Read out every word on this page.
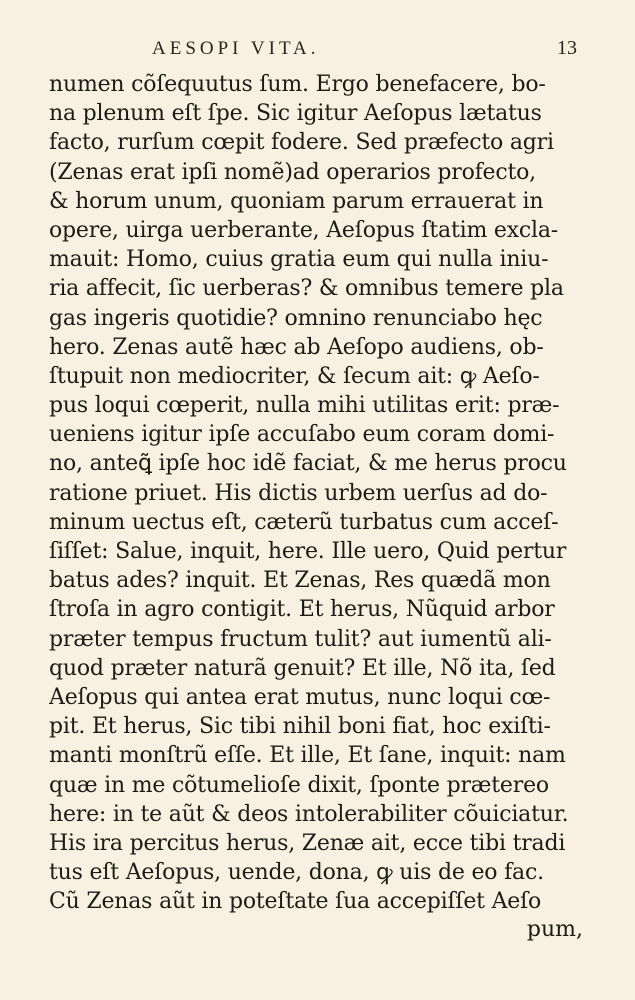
AESOPI VITA.	13
numen cõſequutus ſum. Ergo benefacere, bo-
na plenum eſt ſpe. Sic igitur Aeſopus lætatus
facto, rurſum cœpit fodere. Sed præfecto agri
(Zenas erat ipſi nomẽ)ad operarios profecto,
& horum unum, quoniam parum errauerat in
opere, uirga uerberante, Aeſopus ſtatim excla-
mauit: Homo, cuius gratia eum qui nulla iniu-
ria affecit, ſic uerberas? & omnibus temere pla
gas ingeris quotidie? omnino renunciabo hęc
hero. Zenas autẽ hæc ab Aeſopo audiens, ob-
ſtupuit non mediocriter, & ſecum ait: ꝙ Aeſo-
pus loqui cœperit, nulla mihi utilitas erit: præ-
ueniens igitur ipſe accuſabo eum coram domi-
no, anteꝗ̃ ipſe hoc idẽ faciat, & me herus procu
ratione priuet. His dictis urbem uerſus ad do-
minum uectus eſt, cæterũ turbatus cum acceſ-
ſiſſet: Salue, inquit, here. Ille uero, Quid pertur
batus ades? inquit. Et Zenas, Res quædã mon
ſtroſa in agro contigit. Et herus, Nũquid arbor
præter tempus fructum tulit? aut iumentũ ali-
quod præter naturã genuit? Et ille, Nõ ita, ſed
Aeſopus qui antea erat mutus, nunc loqui cœ-
pit. Et herus, Sic tibi nihil boni fiat, hoc exiſti-
manti monſtrũ eſſe. Et ille, Et ſane, inquit: nam
quæ in me cõtumelioſe dixit, ſponte prætereo
here: in te aũt & deos intolerabiliter cõuiciatur.
His ira percitus herus, Zenæ ait, ecce tibi tradi
tus eſt Aeſopus, uende, dona, ꝙ uis de eo fac.
Cũ Zenas aũt in poteſtate ſua accepiſſet Aeſo
pum,
